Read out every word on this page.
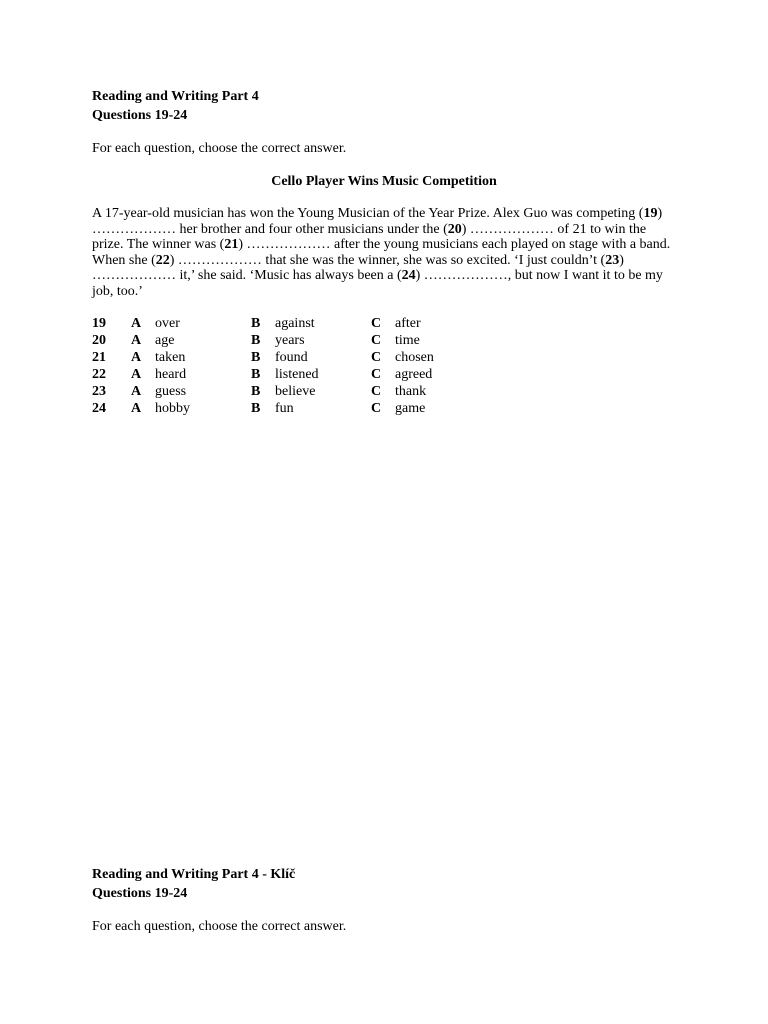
Reading and Writing Part 4

Questions 19-24

For each question, choose the correct answer.

Cello Player Wins Music Competition

A 17-year-old musician has won the Young Musician of the Year Prize. Alex Guo was competing (19) ……………… her brother and four other musicians under the (20) ……………… of 21 to win the prize. The winner was (21) ……………… after the young musicians each played on stage with a band. When she (22) ……………… that she was the winner, she was so excited. ‘I just couldn’t (23) ……………… it,’ she said. ‘Music has always been a (24) ………………, but now I want it to be my job, too.’

19	A	over	B	against	C	after
20	A	age	B	years	C	time
21	A	taken	B	found	C	chosen
22	A	heard	B	listened	C	agreed
23	A	guess	B	believe	C	thank
24	A	hobby	B	fun	C	game

Reading and Writing Part 4 - Klíč

Questions 19-24

For each question, choose the correct answer.
